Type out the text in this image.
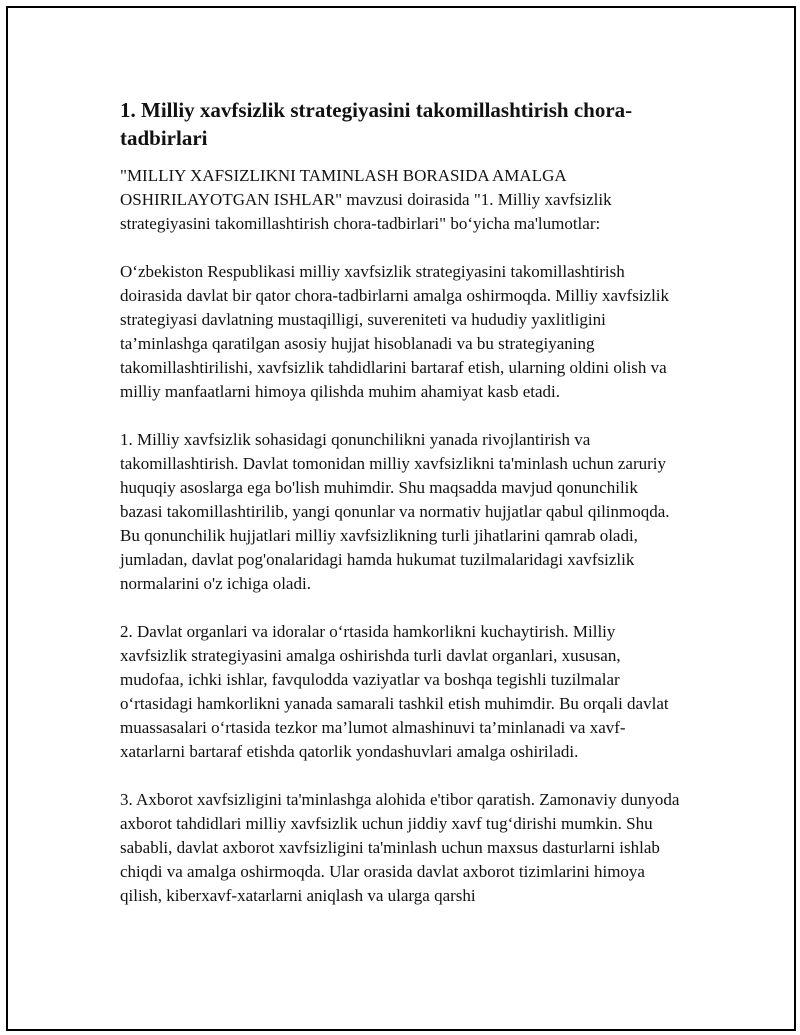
1. Milliy xavfsizlik strategiyasini takomillashtirish chora-tadbirlari

"MILLIY XAFSIZLIKNI TAMINLASH BORASIDA AMALGA OSHIRILAYOTGAN ISHLAR" mavzusi doirasida "1. Milliy xavfsizlik strategiyasini takomillashtirish chora-tadbirlari" bo‘yicha ma'lumotlar:

O‘zbekiston Respublikasi milliy xavfsizlik strategiyasini takomillashtirish doirasida davlat bir qator chora-tadbirlarni amalga oshirmoqda. Milliy xavfsizlik strategiyasi davlatning mustaqilligi, suvereniteti va hududiy yaxlitligini ta’minlashga qaratilgan asosiy hujjat hisoblanadi va bu strategiyaning takomillashtirilishi, xavfsizlik tahdidlarini bartaraf etish, ularning oldini olish va milliy manfaatlarni himoya qilishda muhim ahamiyat kasb etadi.

1. Milliy xavfsizlik sohasidagi qonunchilikni yanada rivojlantirish va takomillashtirish. Davlat tomonidan milliy xavfsizlikni ta'minlash uchun zaruriy huquqiy asoslarga ega bo'lish muhimdir. Shu maqsadda mavjud qonunchilik bazasi takomillashtirilib, yangi qonunlar va normativ hujjatlar qabul qilinmoqda. Bu qonunchilik hujjatlari milliy xavfsizlikning turli jihatlarini qamrab oladi, jumladan, davlat pog'onalaridagi hamda hukumat tuzilmalaridagi xavfsizlik normalarini o'z ichiga oladi.

2. Davlat organlari va idoralar o‘rtasida hamkorlikni kuchaytirish. Milliy xavfsizlik strategiyasini amalga oshirishda turli davlat organlari, xususan, mudofaa, ichki ishlar, favqulodda vaziyatlar va boshqa tegishli tuzilmalar o‘rtasidagi hamkorlikni yanada samarali tashkil etish muhimdir. Bu orqali davlat muassasalari o‘rtasida tezkor ma’lumot almashinuvi ta’minlanadi va xavf-xatarlarni bartaraf etishda qatorlik yondashuvlari amalga oshiriladi.

3. Axborot xavfsizligini ta'minlashga alohida e'tibor qaratish. Zamonaviy dunyoda axborot tahdidlari milliy xavfsizlik uchun jiddiy xavf tug‘dirishi mumkin. Shu sababli, davlat axborot xavfsizligini ta'minlash uchun maxsus dasturlarni ishlab chiqdi va amalga oshirmoqda. Ular orasida davlat axborot tizimlarini himoya qilish, kiberxavf-xatarlarni aniqlash va ularga qarshi
